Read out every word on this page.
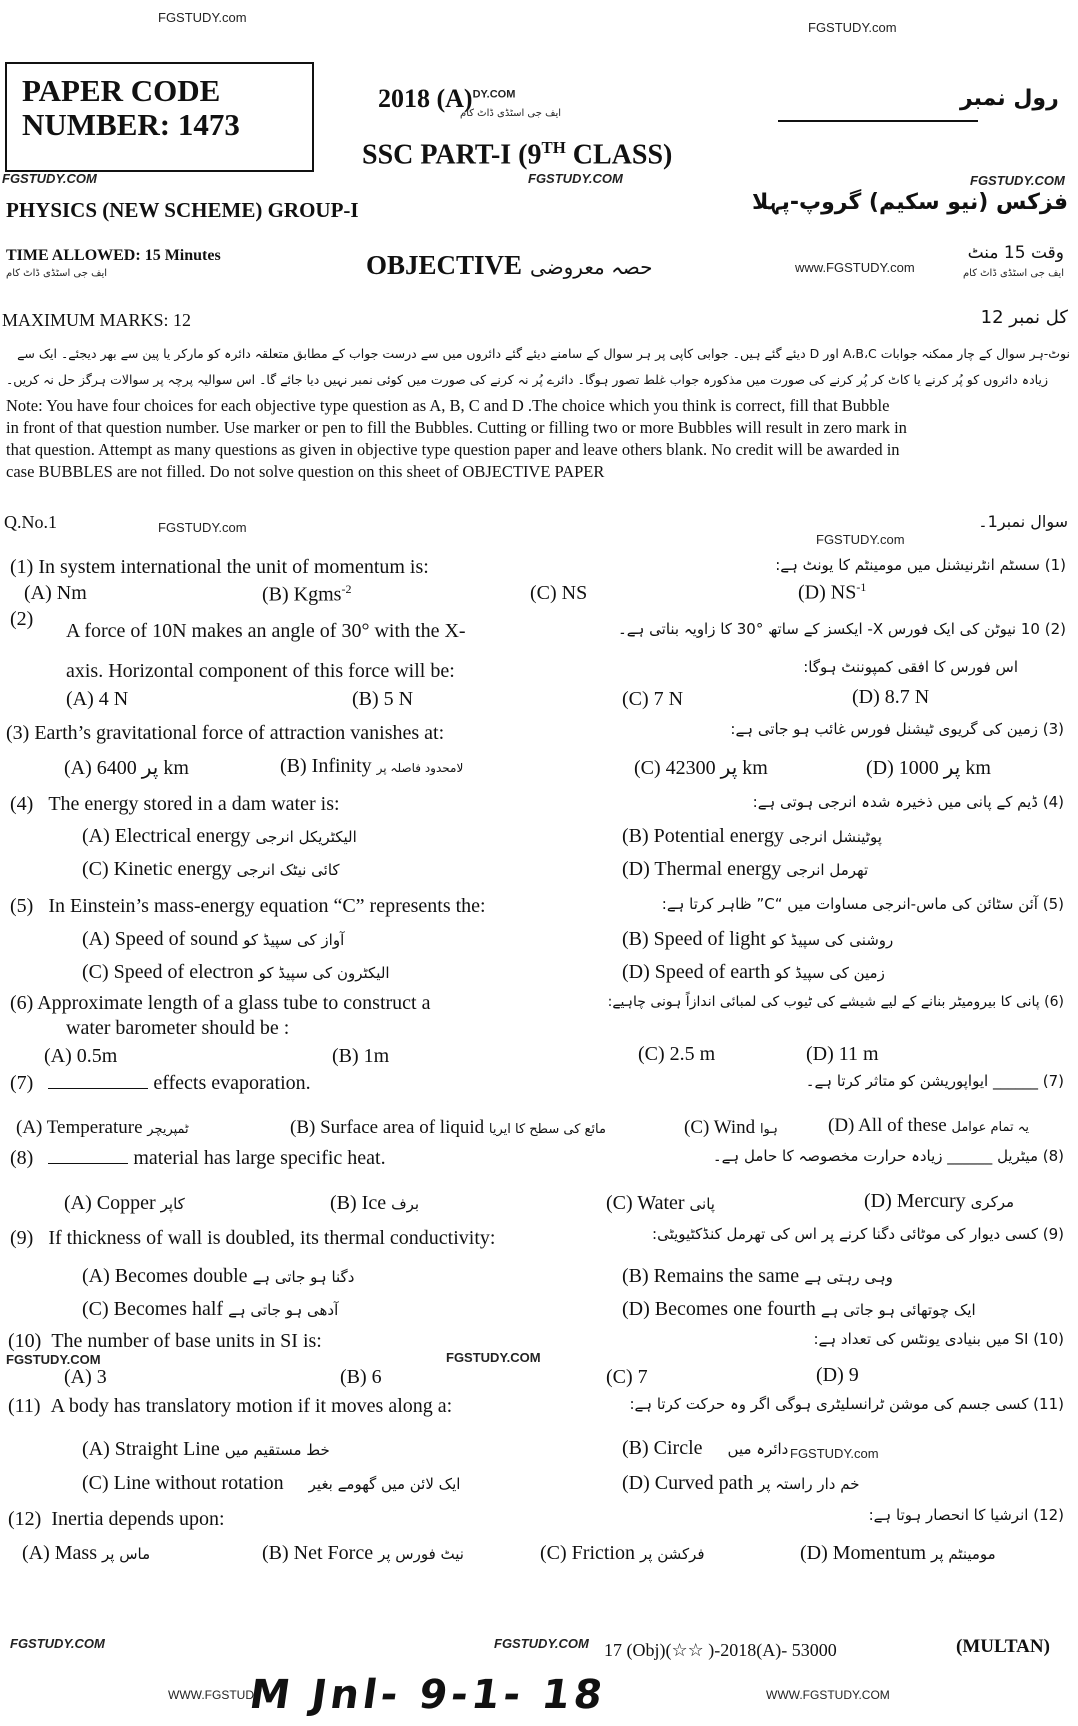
FGSTUDY.com
FGSTUDY.com
PAPER CODE
NUMBER: 1473
FGSTUDY.COM
2018 $(A)^{DY.COM}$
ایف جی اسٹڈی ڈاٹ کام
SSC PART-I (9TH CLASS)
FGSTUDY.COM
رول نمبر
PHYSICS (NEW SCHEME) GROUP-I
FGSTUDY.COM
فزکس (نیو سکیم) گروپ-پہلا
TIME ALLOWED: 15 Minutes
ایف جی اسٹڈی ڈاٹ کام	OBJECTIVE حصہ معروضی	www.FGSTUDY.com
وقت 15 منٹ
ایف جی اسٹڈی ڈاٹ کام
MAXIMUM MARKS: 12	کل نمبر 12
نوٹ-ہر سوال کے چار ممکنہ جوابات A،B،C اور D دیئے گئے ہیں۔ جوابی کاپی پر ہر سوال کے سامنے دیئے گئے دائروں میں سے درست جواب کے مطابق متعلقہ دائرہ کو مارکر یا پین سے بھر دیجئے۔ ایک سے
زیادہ دائروں کو پُر کرنے یا کاٹ کر پُر کرنے کی صورت میں مذکورہ جواب غلط تصور ہوگا۔ دائرے پُر نہ کرنے کی صورت میں کوئی نمبر نہیں دیا جائے گا۔ اس سوالیہ پرچہ پر سوالات ہرگز حل نہ کریں۔
Note: You have four choices for each objective type question as A, B, C and D .The choice which you think is correct, fill that Bubble
in front of that question number. Use marker or pen to fill the Bubbles. Cutting or filling two or more Bubbles will result in zero mark in
that question. Attempt as many questions as given in objective type question paper and leave others blank. No credit will be awarded in
case BUBBLES are not filled. Do not solve question on this sheet of OBJECTIVE PAPER
Q.No.1	FGSTUDY.com
FGSTUDY.com
سوال نمبر1۔
(1) In system international the unit of momentum is:	(1) سسٹم انٹرنیشنل میں مومینٹم کا یونٹ ہے:
(A) Nm	(B) Kgms$^{-2}$	(C) NS	(D) $NS^{-1}$
(2)
A force of 10N makes an angle of 30° with the X-	(2) 10 نیوٹن کی ایک فورس X- ایکسز کے ساتھ °30 کا زاویہ بناتی ہے۔
axis. Horizontal component of this force will be:	اس فورس کا افقی کمپوننٹ ہوگا:
(A) 4 N	(B) 5 N	(C) 7 N	(D) 8.7 N
(3) Earth’s gravitational force of attraction vanishes at:	(3) زمین کی گریوی ٹیشنل فورس غائب ہو جاتی ہے:
(A) پر 6400 km	(B) Infinity لامحدود فاصلہ پر	(C) پر 42300 km	(D) پر 1000 km
(4) The energy stored in a dam water is:	(4) ڈیم کے پانی میں ذخیرہ شدہ انرجی ہوتی ہے:
(A) Electrical energy الیکٹریکل انرجی	(B) Potential energy پوٹینشل انرجی
(C) Kinetic energy کائی نیٹک انرجی	(D) Thermal energy تھرمل انرجی
(5) In Einstein’s mass-energy equation “C” represents the:	(5) آئن سٹائن کی ماس-انرجی مساوات میں “C” ظاہر کرتا ہے:
(A) Speed of sound آواز کی سپیڈ کو	(B) Speed of light روشنی کی سپیڈ کو
(C) Speed of electron الیکٹرون کی سپیڈ کو	(D) Speed of earth زمین کی سپیڈ کو
(6) Approximate length of a glass tube to construct a	(6) پانی کا بیرومیٹر بنانے کے لیے شیشے کی ٹیوب کی لمبائی اندازاً ہونی چاہیے:
water barometer should be :
(A) 0.5m	(B) 1m	(C) 2.5 m	(D) 11 m
(7)	effects evaporation.	(7) ______ ایواپوریشن کو متاثر کرتا ہے۔
(A) Temperature ٹمپریچر	(B) Surface area of liquid مائع کی سطح کا ایریا	(C) Wind ہوا	(D) All of these یہ تمام عوامل
(8)	material has large specific heat.	(8) میٹریل ______ زیادہ حرارت مخصوصہ کا حامل ہے۔
(A) Copper کاپر	(B) Ice برف	(C) Water پانی	(D) Mercury مرکری
(9) If thickness of wall is doubled, its thermal conductivity:	(9) کسی دیوار کی موٹائی دگنا کرنے پر اس کی تھرمل کنڈکٹیویٹی:
(A) Becomes double دگنا ہو جاتی ہے	(B) Remains the same وہی رہتی ہے
(C) Becomes half آدھی ہو جاتی ہے	(D) Becomes one fourth ایک چوتھائی ہو جاتی ہے
(10) The number of base units in SI is:	(10) SI میں بنیادی یونٹس کی تعداد ہے:
FGSTUDY.COM	FGSTUDY.COM
(A) 3	(B) 6	(C) 7	(D) 9
(11) A body has translatory motion if it moves along a:	(11) کسی جسم کی موشن ٹرانسلیٹری ہوگی اگر وہ حرکت کرتا ہے:
(A) Straight Line خط مستقیم میں	(B) Circle دائرہ میں FGSTUDY.com
(C) Line without rotation ایک لائن میں گھومے بغیر	(D) Curved path خم دار راستہ پر
(12) Inertia depends upon:	(12) انرشیا کا انحصار ہوتا ہے:
(A) Mass ماس پر	(B) Net Force نیٹ فورس پر	(C) Friction فرکشن پر	(D) Momentum مومینٹم پر
FGSTUDY.COM	FGSTUDY.COM 17 (Obj)(☆☆ )-2018(A)- 53000	(MULTAN)
WWW.FGSTUDY
M Jnl- 9-1- 18	WWW.FGSTUDY.COM
